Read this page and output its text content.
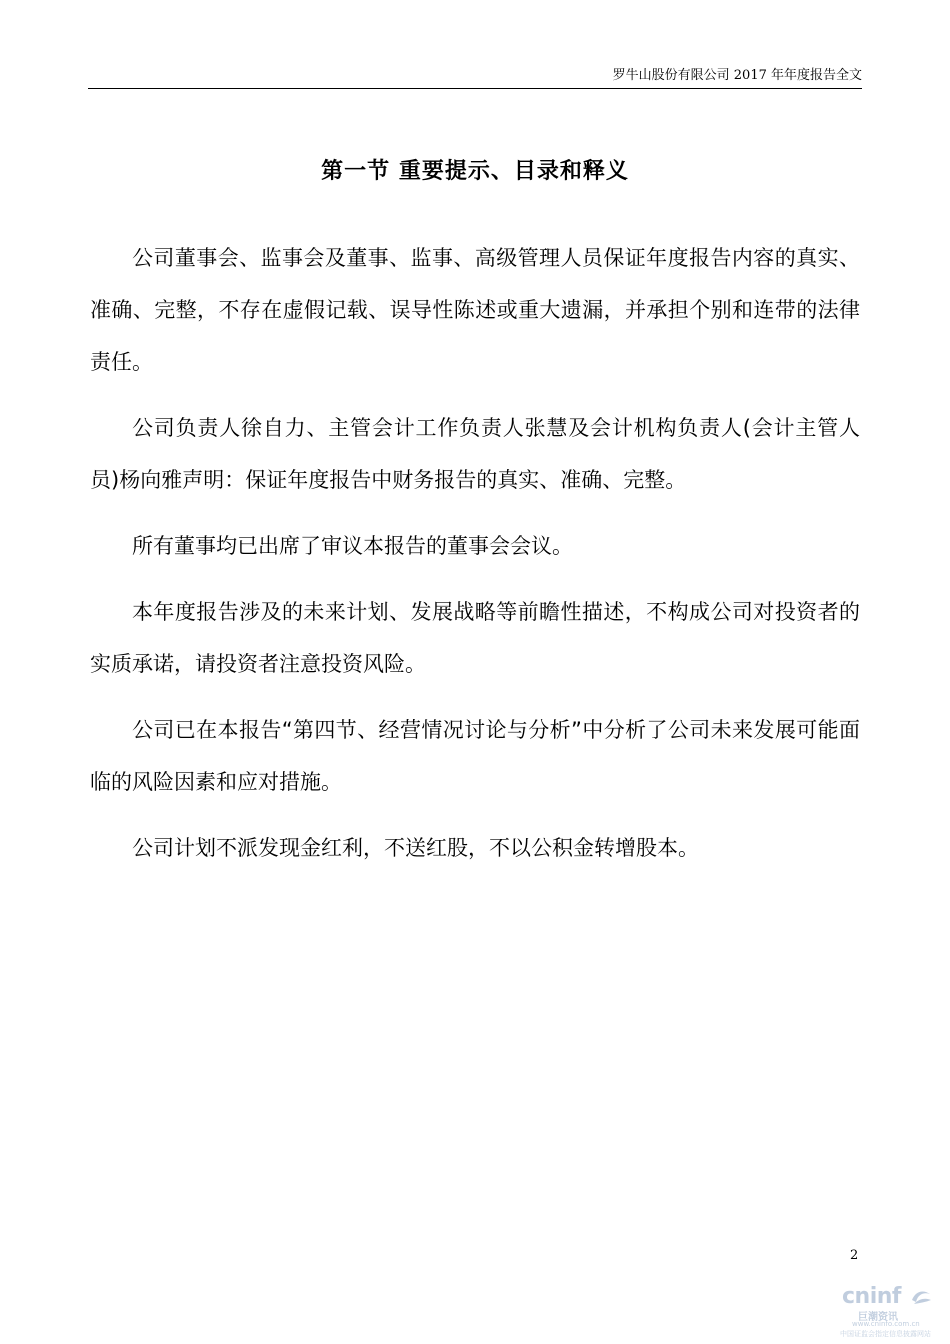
罗牛山股份有限公司 2017 年年度报告全文
第一节 重要提示、目录和释义

公司董事会、监事会及董事、监事、高级管理人员保证年度报告内容的真实、准确、完整，不存在虚假记载、误导性陈述或重大遗漏，并承担个别和连带的法律责任。

公司负责人徐自力、主管会计工作负责人张慧及会计机构负责人(会计主管人员)杨向雅声明：保证年度报告中财务报告的真实、准确、完整。

所有董事均已出席了审议本报告的董事会会议。

本年度报告涉及的未来计划、发展战略等前瞻性描述，不构成公司对投资者的实质承诺，请投资者注意投资风险。

公司已在本报告“第四节、经营情况讨论与分析”中分析了公司未来发展可能面临的风险因素和应对措施。

公司计划不派发现金红利，不送红股，不以公积金转增股本。

2
cninf
巨潮资讯
www.cninfo.com.cn
中国证监会指定信息披露网站
